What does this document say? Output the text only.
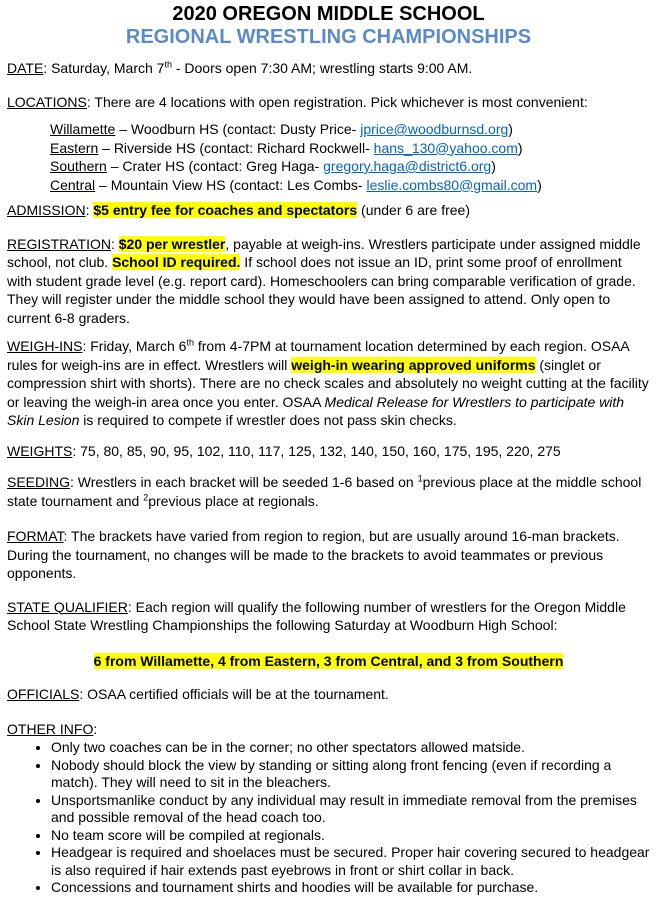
2020 OREGON MIDDLE SCHOOL
REGIONAL WRESTLING CHAMPIONSHIPS

DATE: Saturday, March 7th - Doors open 7:30 AM; wrestling starts 9:00 AM.

LOCATIONS: There are 4 locations with open registration. Pick whichever is most convenient:

Willamette – Woodburn HS (contact: Dusty Price- jprice@woodburnsd.org)
Eastern – Riverside HS (contact: Richard Rockwell- hans_130@yahoo.com)
Southern – Crater HS (contact: Greg Haga- gregory.haga@district6.org)
Central – Mountain View HS (contact: Les Combs- leslie.combs80@gmail.com)

ADMISSION: $5 entry fee for coaches and spectators (under 6 are free)

REGISTRATION: $20 per wrestler, payable at weigh-ins. Wrestlers participate under assigned middle school, not club. School ID required. If school does not issue an ID, print some proof of enrollment with student grade level (e.g. report card). Homeschoolers can bring comparable verification of grade. They will register under the middle school they would have been assigned to attend. Only open to current 6-8 graders.

WEIGH-INS: Friday, March 6th from 4-7PM at tournament location determined by each region. OSAA rules for weigh-ins are in effect. Wrestlers will weigh-in wearing approved uniforms (singlet or compression shirt with shorts). There are no check scales and absolutely no weight cutting at the facility or leaving the weigh-in area once you enter. OSAA Medical Release for Wrestlers to participate with Skin Lesion is required to compete if wrestler does not pass skin checks.

WEIGHTS: 75, 80, 85, 90, 95, 102, 110, 117, 125, 132, 140, 150, 160, 175, 195, 220, 275

SEEDING: Wrestlers in each bracket will be seeded 1-6 based on $^1$previous place at the middle school state tournament and $^2$previous place at regionals.

FORMAT: The brackets have varied from region to region, but are usually around 16-man brackets. During the tournament, no changes will be made to the brackets to avoid teammates or previous opponents.

STATE QUALIFIER: Each region will qualify the following number of wrestlers for the Oregon Middle School State Wrestling Championships the following Saturday at Woodburn High School:

6 from Willamette, 4 from Eastern, 3 from Central, and 3 from Southern

OFFICIALS: OSAA certified officials will be at the tournament.

OTHER INFO:

• Only two coaches can be in the corner; no other spectators allowed matside.
• Nobody should block the view by standing or sitting along front fencing (even if recording a match). They will need to sit in the bleachers.
• Unsportsmanlike conduct by any individual may result in immediate removal from the premises and possible removal of the head coach too.
• No team score will be compiled at regionals.
• Headgear is required and shoelaces must be secured. Proper hair covering secured to headgear is also required if hair extends past eyebrows in front or shirt collar in back.
• Concessions and tournament shirts and hoodies will be available for purchase.
